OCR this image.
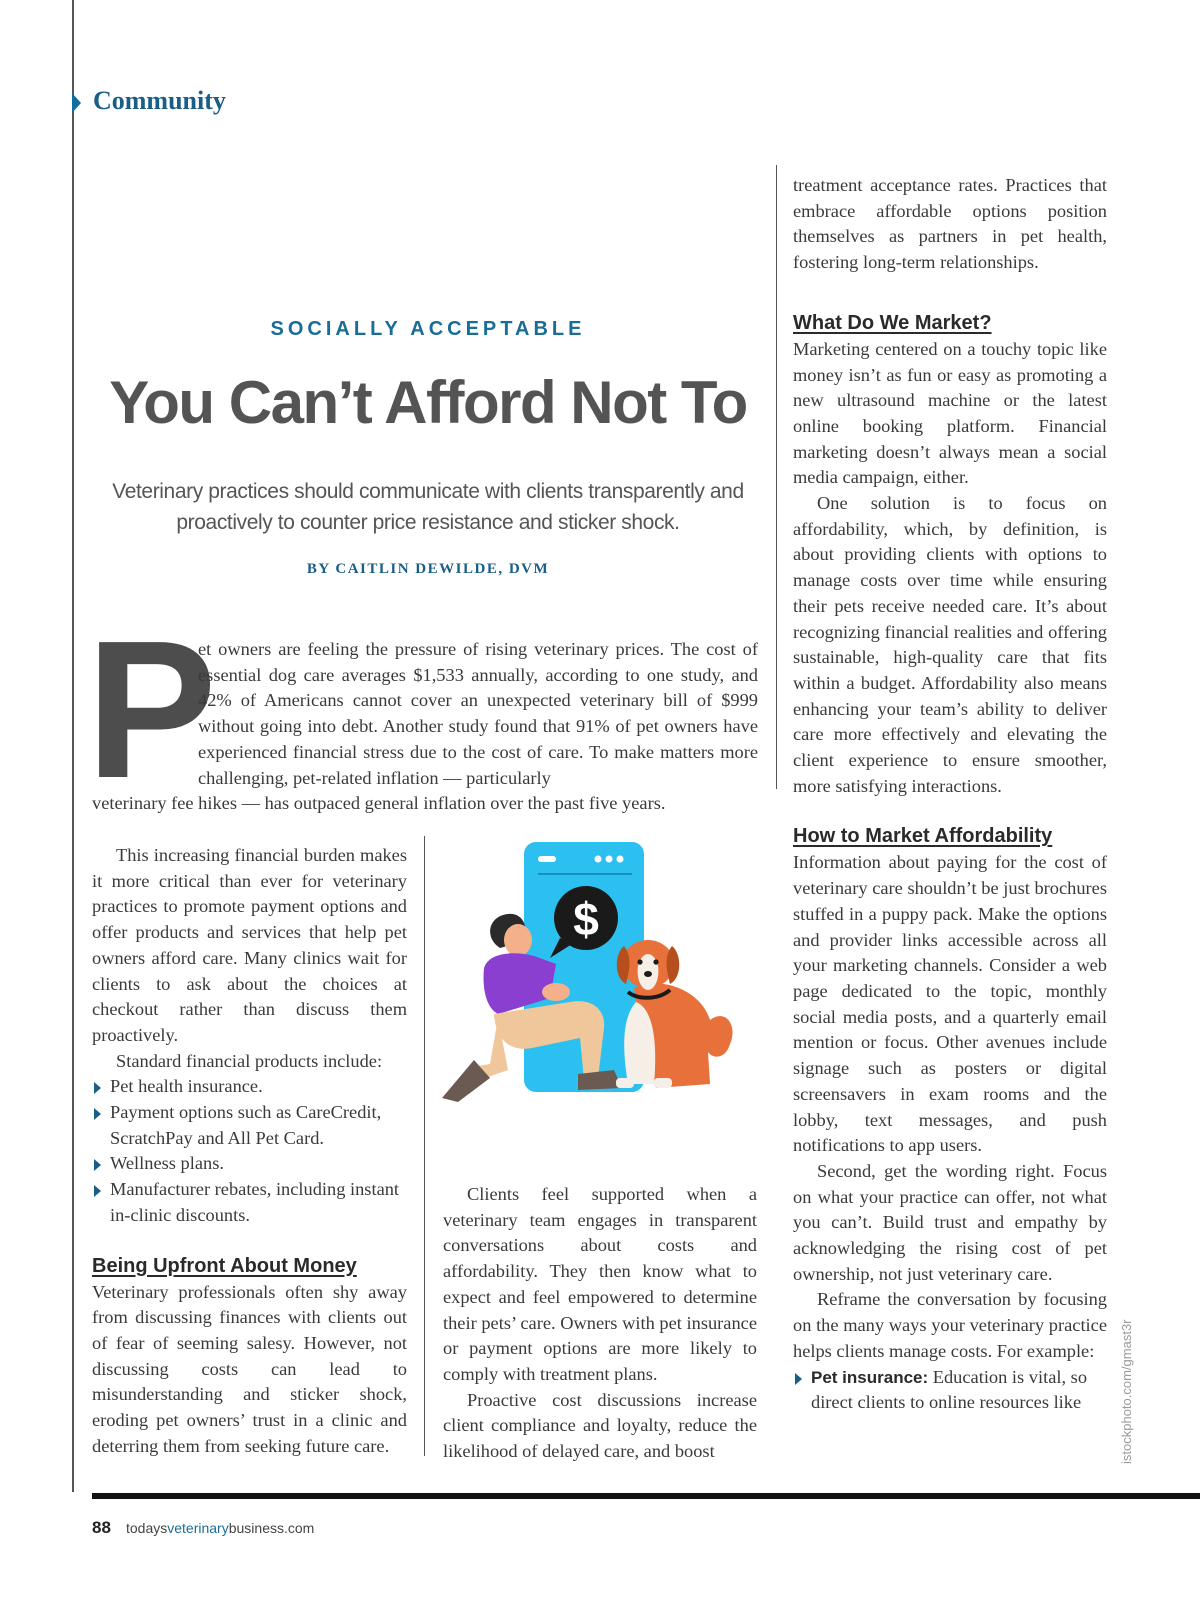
Community
SOCIALLY ACCEPTABLE
You Can’t Afford Not To
Veterinary practices should communicate with clients transparently and proactively to counter price resistance and sticker shock.
BY CAITLIN DEWILDE, DVM
P

et owners are feeling the pressure of rising veterinary prices. The cost of essential dog care averages $1,533 annually, according to one study, and 42% of Americans cannot cover an unexpected veterinary bill of $999 without going into debt. Another study found that 91% of pet owners have experienced financial stress due to the cost of care. To make matters more challenging, pet-related inflation — particularly

veterinary fee hikes — has outpaced general inflation over the past five years.

This increasing financial burden makes it more critical than ever for veterinary practices to promote payment options and offer products and services that help pet owners afford care. Many clinics wait for clients to ask about the choices at checkout rather than discuss them proactively.

Standard financial products include:

Pet health insurance.
Payment options such as CareCredit, ScratchPay and All Pet Card.
Wellness plans.
Manufacturer rebates, including instant in-clinic discounts.
Being Upfront About Money

Veterinary professionals often shy away from discussing finances with clients out of fear of seeming salesy. However, not discussing costs can lead to misunderstanding and sticker shock, eroding pet owners’ trust in a clinic and deterring them from seeking future care.

$

Clients feel supported when a veterinary team engages in transparent conversations about costs and affordability. They then know what to expect and feel empowered to determine their pets’ care. Owners with pet insurance or payment options are more likely to comply with treatment plans.

Proactive cost discussions increase client compliance and loyalty, reduce the likelihood of delayed care, and boost

treatment acceptance rates. Practices that embrace affordable options position themselves as partners in pet health, fostering long-term relationships.

What Do We Market?

Marketing centered on a touchy topic like money isn’t as fun or easy as promoting a new ultrasound machine or the latest online booking platform. Financial marketing doesn’t always mean a social media campaign, either.

One solution is to focus on affordability, which, by definition, is about providing clients with options to manage costs over time while ensuring their pets receive needed care. It’s about recognizing financial realities and offering sustainable, high-quality care that fits within a budget. Affordability also means enhancing your team’s ability to deliver care more effectively and elevating the client experience to ensure smoother, more satisfying interactions.

How to Market Affordability

Information about paying for the cost of veterinary care shouldn’t be just brochures stuffed in a puppy pack. Make the options and provider links accessible across all your marketing channels. Consider a web page dedicated to the topic, monthly social media posts, and a quarterly email mention or focus. Other avenues include signage such as posters or digital screensavers in exam rooms and the lobby, text messages, and push notifications to app users.

Second, get the wording right. Focus on what your practice can offer, not what you can’t. Build trust and empathy by acknowledging the rising cost of pet ownership, not just veterinary care.

Reframe the conversation by focusing on the many ways your veterinary practice helps clients manage costs. For example:

Pet insurance: Education is vital, so direct clients to online resources like	istockphoto.com/gmast3r
88 todaysveterinarybusiness.com
